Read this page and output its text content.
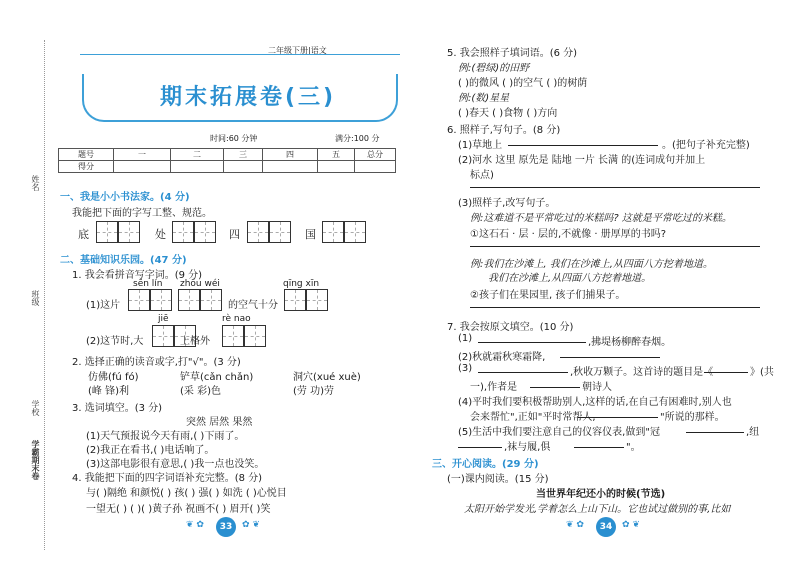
姓名
班级
学校
学霸期末卷
二年级下册|语文
期末拓展卷(三)
时间:60 分钟	满分:100 分
题号	一	二	三	四	五	总分
得分						
一、我是小小书法家。(4 分)
我能把下面的字写工整、规范。
底	处	四	国
二、基础知识乐园。(47 分)
1. 我会看拼音写字词。(9 分)
sēn lín zhōu wéi	qīng xīn
(1)这片	的空气十分
jiē	rè nao
(2)这节时,大	上格外
2. 选择正确的读音或字,打"√"。(3 分)
仿佛(fú fó)	铲草(cǎn chǎn)	洞穴(xué xuè)
(峰 锋)利	(采 彩)色	(劳 功)劳
3. 选词填空。(3 分)
突然 居然 果然
(1)天气预报说今天有雨,( )下雨了。
(2)我正在看书,( )电话响了。
(3)这部电影很有意思,( )我一点也没笑。
4. 我能把下面的四字词语补充完整。(8 分)
与( )隔绝 和颜悦( ) 孩( ) 强( ) 如洗 ( )心悦目
一望无( ) ( )( )黄子孙 祝画不( ) 眉开( )笑
❦ ✿	33	✿ ❦
5. 我会照样子填词语。(6 分)
例:(碧绿)的田野
( )的微风 ( )的空气 ( )的树荫
例:(数)星星
( )春天 ( )食物 ( )方向
6. 照样子,写句子。(8 分)
(1)草地上	。(把句子补充完整)
(2)河水 这里 原先是 陆地 一片 长满 的(连词成句并加上
标点)
(3)照样子,改写句子。
例:这难道不是平常吃过的米糕吗? 这就是平常吃过的米糕。
①这石石 · 层 · 层的,不就像 · 册厚厚的书吗?
例:我们在沙滩上, 我们在沙滩上,从四面八方挖着地道。
我们在沙滩上,从四面八方挖着地道。
②孩子们在果园里, 孩子们捕果子。
7. 我会按原文填空。(10 分)
(1)	,拂堤杨柳醉春烟。
(2)秋就霜秋寒霜降,
(3)	,秋收万颗子。这首诗的题目是《	》(共
一),作者是	朝诗人
(4)平时我们要积极帮助别人,这样的话,在自己有困难时,别人也
会来帮忙",正如"平时常帮人,	"所说的那样。
(5)生活中我们要注意自己的仪容仪表,做到"冠	,纽
,袜与履,俱	"。
三、开心阅读。(29 分)
(一)课内阅读。(15 分)
当世界年纪还小的时候(节选)
太阳开始学发光,学着怎么上山下山。它也试过做别的事,比如
❦ ✿	34	✿ ❦
